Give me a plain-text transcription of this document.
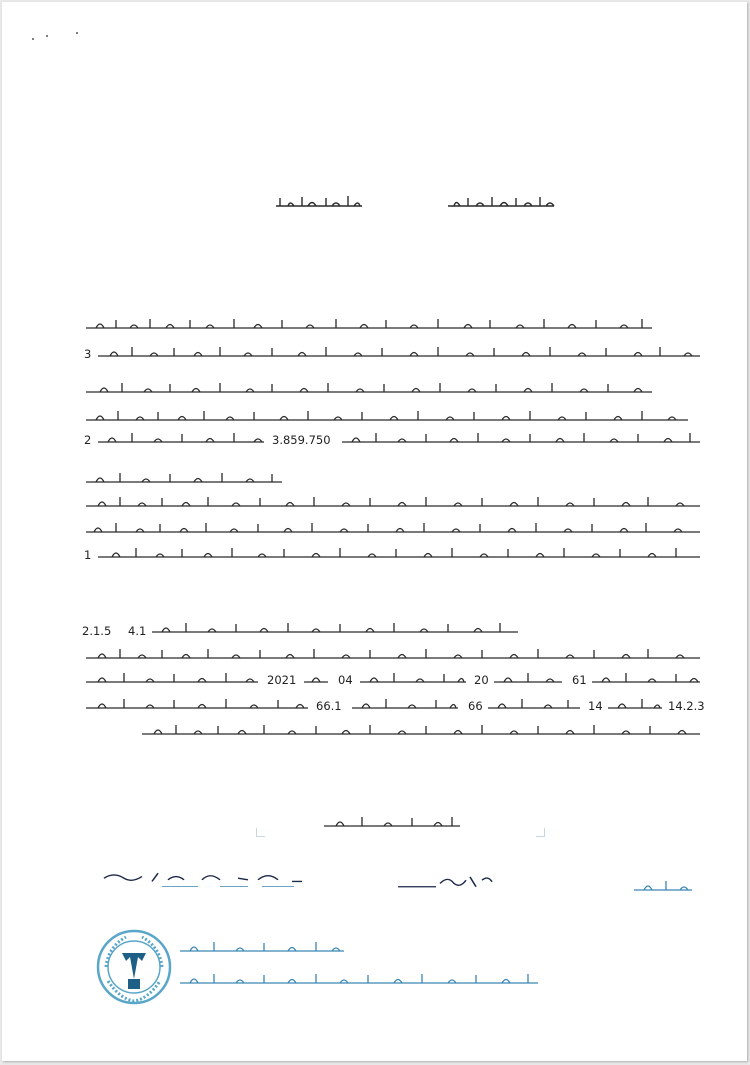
3
2	3.859.750
1
2.1.5 4.1
2021	04	20	61
66.1	66	14	14.2.3
